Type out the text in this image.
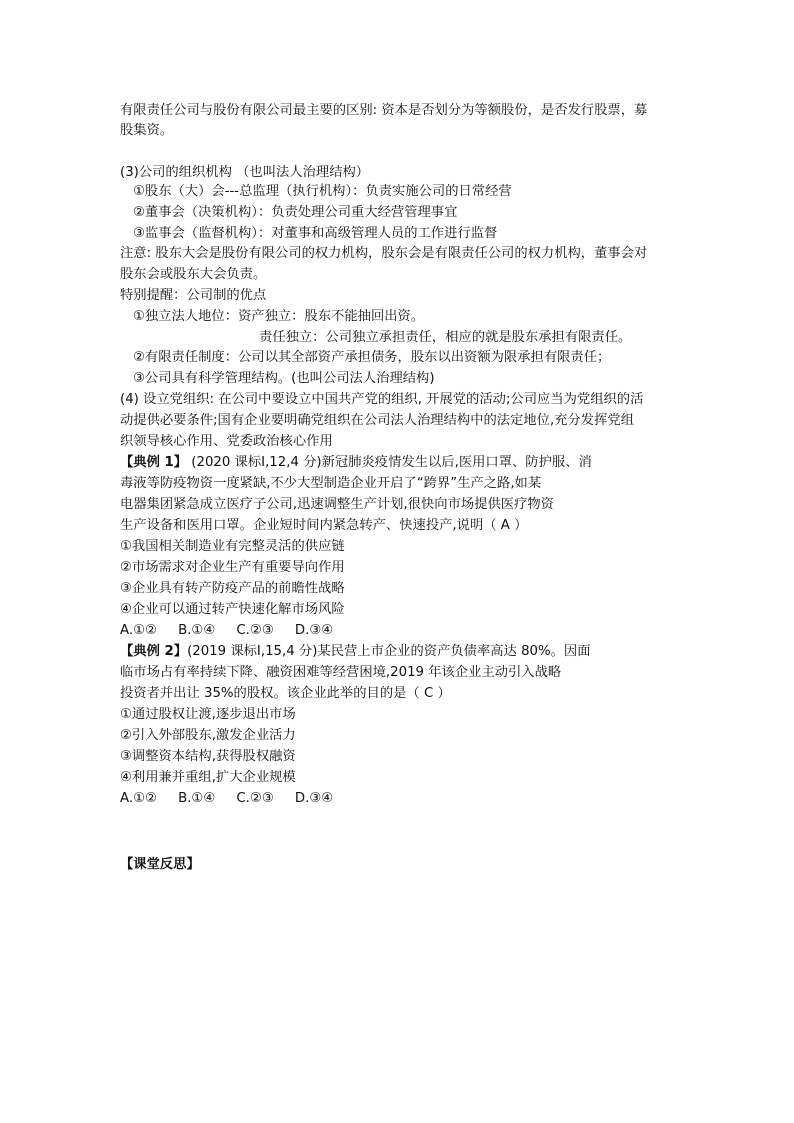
有限责任公司与股份有限公司最主要的区别: 资本是否划分为等额股份，是否发行股票，募
股集资。
(3)公司的组织机构 （也叫法人治理结构）
①股东（大）会---总监理（执行机构）：负责实施公司的日常经营
②董事会（决策机构）：负责处理公司重大经营管理事宜
③监事会（监督机构）：对董事和高级管理人员的工作进行监督
注意: 股东大会是股份有限公司的权力机构，股东会是有限责任公司的权力机构，董事会对
股东会或股东大会负责。
特别提醒：公司制的优点
①独立法人地位：资产独立：股东不能抽回出资。
责任独立：公司独立承担责任，相应的就是股东承担有限责任。
②有限责任制度：公司以其全部资产承担债务，股东以出资额为限承担有限责任；
③公司具有科学管理结构。(也叫公司法人治理结构)
(4) 设立党组织: 在公司中要设立中国共产党的组织, 开展党的活动;公司应当为党组织的活
动提供必要条件;国有企业要明确党组织在公司法人治理结构中的法定地位,充分发挥党组
织领导核心作用、党委政治核心作用
【典例 1】 (2020 课标Ⅰ,12,4 分)新冠肺炎疫情发生以后,医用口罩、防护服、消
毒液等防疫物资一度紧缺,不少大型制造企业开启了“跨界”生产之路,如某
电器集团紧急成立医疗子公司,迅速调整生产计划,很快向市场提供医疗物资
生产设备和医用口罩。企业短时间内紧急转产、快速投产,说明（ A ）
①我国相关制造业有完整灵活的供应链
②市场需求对企业生产有重要导向作用
③企业具有转产防疫产品的前瞻性战略
④企业可以通过转产快速化解市场风险
A.①②     B.①④     C.②③     D.③④
【典例 2】(2019 课标Ⅰ,15,4 分)某民营上市企业的资产负债率高达 80%。因面
临市场占有率持续下降、融资困难等经营困境,2019 年该企业主动引入战略
投资者并出让 35%的股权。该企业此举的目的是（ C ）
①通过股权让渡,逐步退出市场
②引入外部股东,激发企业活力
③调整资本结构,获得股权融资
④利用兼并重组,扩大企业规模
A.①②     B.①④     C.②③     D.③④
【课堂反思】
